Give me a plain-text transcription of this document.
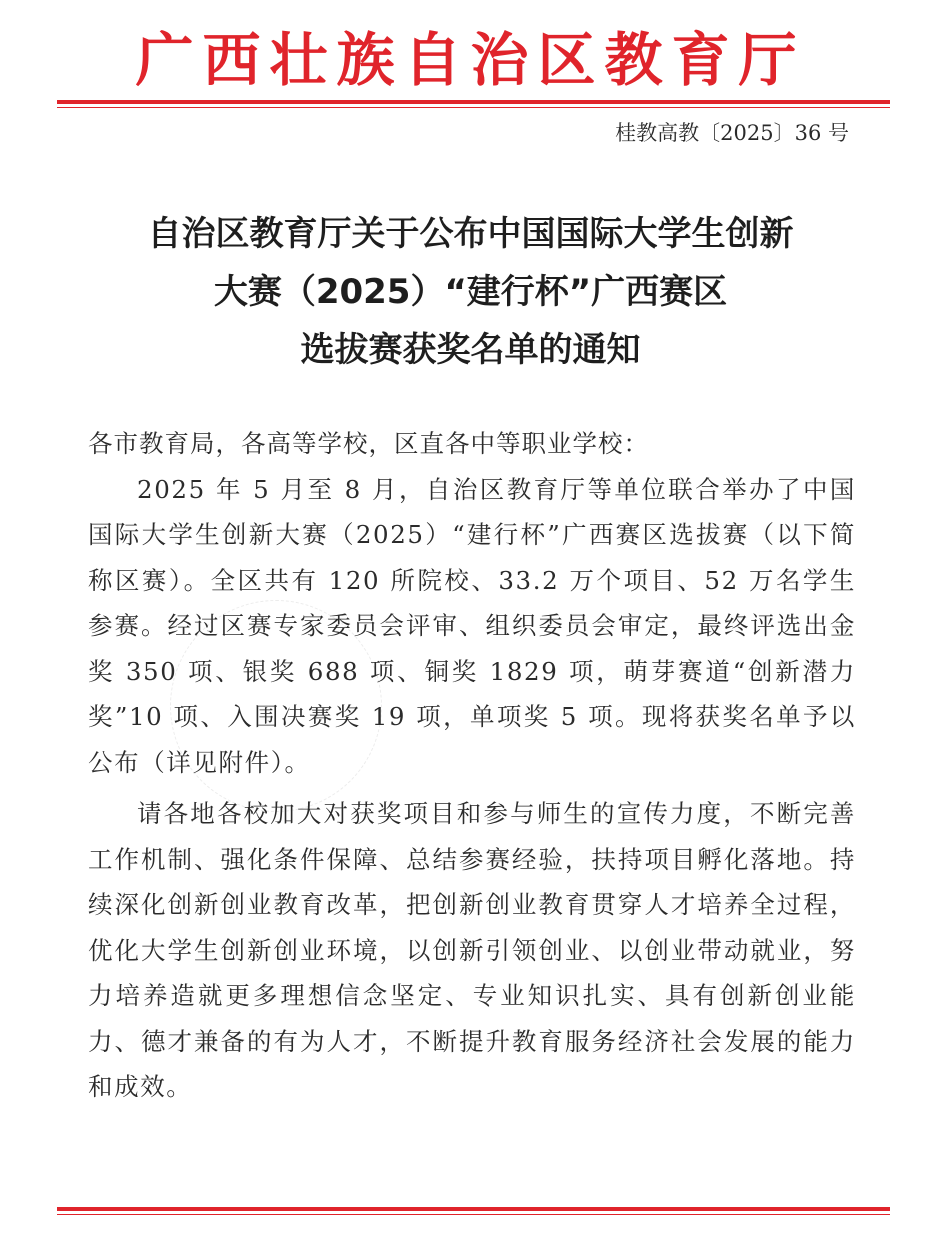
广西壮族自治区教育厅
桂教高教〔2025〕36 号
自治区教育厅关于公布中国国际大学生创新
大赛（2025）“建行杯”广西赛区
选拔赛获奖名单的通知

各市教育局，各高等学校，区直各中等职业学校：

2025 年 5 月至 8 月，自治区教育厅等单位联合举办了中国国际大学生创新大赛（2025）“建行杯”广西赛区选拔赛（以下简称区赛）。全区共有 120 所院校、33.2 万个项目、52 万名学生参赛。经过区赛专家委员会评审、组织委员会审定，最终评选出金奖 350 项、银奖 688 项、铜奖 1829 项，萌芽赛道“创新潜力奖”10 项、入围决赛奖 19 项，单项奖 5 项。现将获奖名单予以公布（详见附件）。

请各地各校加大对获奖项目和参与师生的宣传力度，不断完善工作机制、强化条件保障、总结参赛经验，扶持项目孵化落地。持续深化创新创业教育改革，把创新创业教育贯穿人才培养全过程，优化大学生创新创业环境，以创新引领创业、以创业带动就业，努力培养造就更多理想信念坚定、专业知识扎实、具有创新创业能力、德才兼备的有为人才，不断提升教育服务经济社会发展的能力和成效。
